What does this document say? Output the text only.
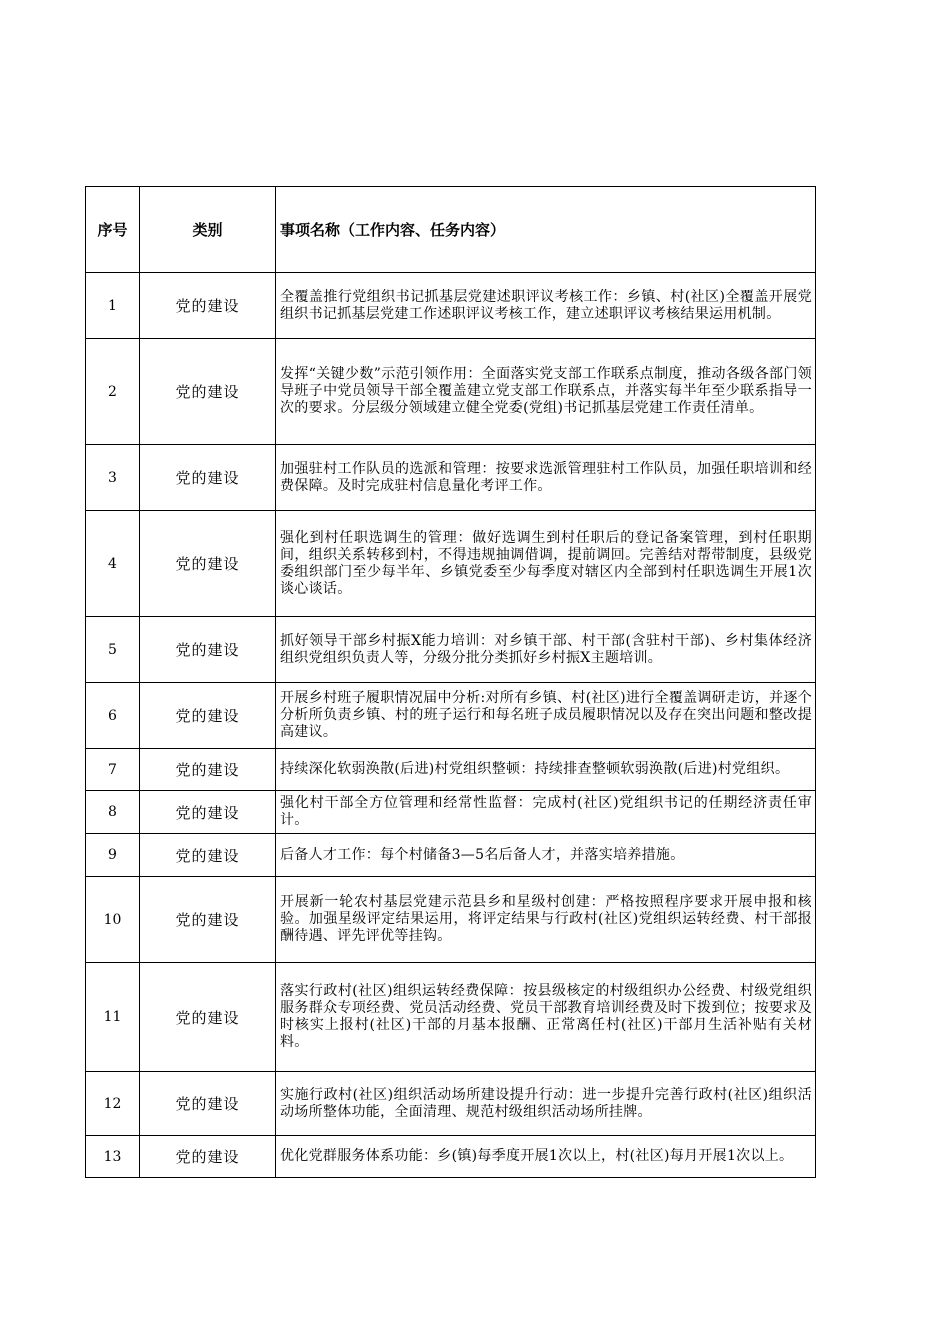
序号	类别	事项名称（工作内容、任务内容）
1	党的建设	全覆盖推行党组织书记抓基层党建述职评议考核工作：乡镇、村(社区)全覆盖开展党组织书记抓基层党建工作述职评议考核工作，建立述职评议考核结果运用机制。
2	党的建设	发挥“关键少数”示范引领作用：全面落实党支部工作联系点制度，推动各级各部门领导班子中党员领导干部全覆盖建立党支部工作联系点，并落实每半年至少联系指导一次的要求。分层级分领域建立健全党委(党组)书记抓基层党建工作责任清单。
3	党的建设	加强驻村工作队员的选派和管理：按要求选派管理驻村工作队员，加强任职培训和经费保障。及时完成驻村信息量化考评工作。
4	党的建设	强化到村任职选调生的管理：做好选调生到村任职后的登记备案管理，到村任职期间，组织关系转移到村，不得违规抽调借调，提前调回。完善结对帮带制度，县级党委组织部门至少每半年、乡镇党委至少每季度对辖区内全部到村任职选调生开展1次谈心谈话。
5	党的建设	抓好领导干部乡村振X能力培训：对乡镇干部、村干部(含驻村干部)、乡村集体经济组织党组织负责人等，分级分批分类抓好乡村振X主题培训。
6	党的建设	开展乡村班子履职情况届中分析:对所有乡镇、村(社区)进行全覆盖调研走访，并逐个分析所负责乡镇、村的班子运行和每名班子成员履职情况以及存在突出问题和整改提高建议。
7	党的建设	持续深化软弱涣散(后进)村党组织整顿：持续排查整顿软弱涣散(后进)村党组织。
8	党的建设	强化村干部全方位管理和经常性监督：完成村(社区)党组织书记的任期经济责任审计。
9	党的建设	后备人才工作：每个村储备3—5名后备人才，并落实培养措施。
10	党的建设	开展新一轮农村基层党建示范县乡和星级村创建：严格按照程序要求开展申报和核验。加强星级评定结果运用，将评定结果与行政村(社区)党组织运转经费、村干部报酬待遇、评先评优等挂钩。
11	党的建设	落实行政村(社区)组织运转经费保障：按县级核定的村级组织办公经费、村级党组织服务群众专项经费、党员活动经费、党员干部教育培训经费及时下拨到位；按要求及时核实上报村(社区)干部的月基本报酬、正常离任村(社区)干部月生活补贴有关材料。
12	党的建设	实施行政村(社区)组织活动场所建设提升行动：进一步提升完善行政村(社区)组织活动场所整体功能，全面清理、规范村级组织活动场所挂牌。
13	党的建设	优化党群服务体系功能：乡(镇)每季度开展1次以上，村(社区)每月开展1次以上。
